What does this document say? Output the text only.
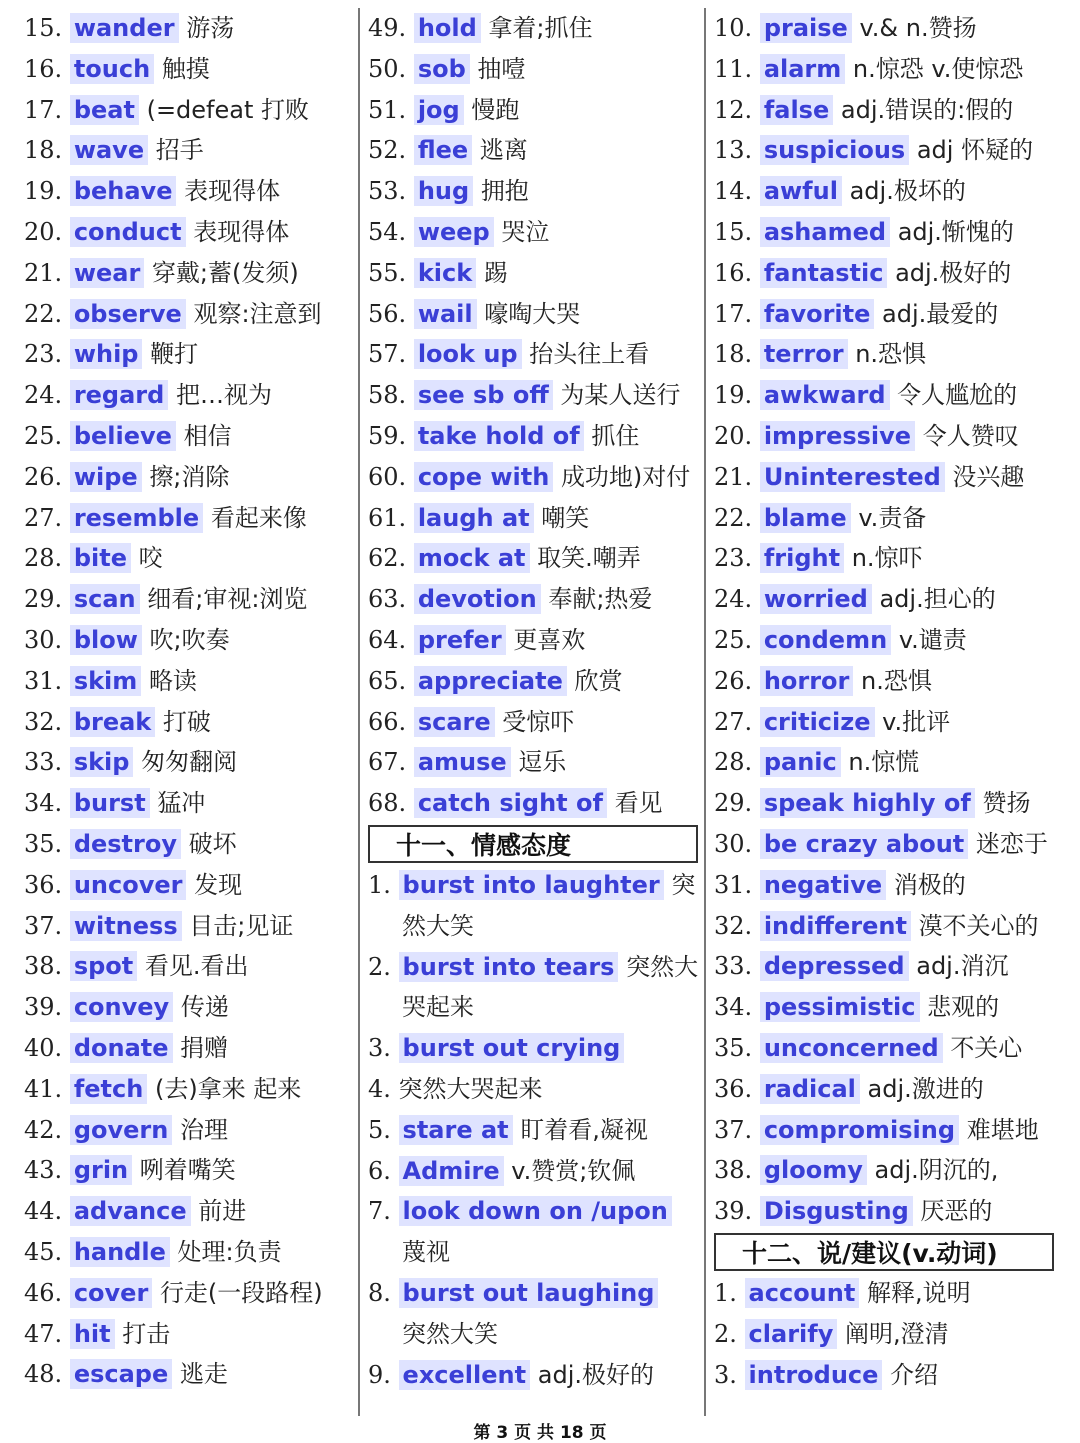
15. wander 游荡
16. touch 触摸
17. beat (=defeat 打败
18. wave 招手
19. behave 表现得体
20. conduct 表现得体
21. wear 穿戴;蓄(发须)
22. observe 观察:注意到
23. whip 鞭打
24. regard 把…视为
25. believe 相信
26. wipe 擦;消除
27. resemble 看起来像
28. bite 咬
29. scan 细看;审视:浏览
30. blow 吹;吹奏
31. skim 略读
32. break 打破
33. skip 匆匆翻阅
34. burst 猛冲
35. destroy 破坏
36. uncover 发现
37. witness 目击;见证
38. spot 看见.看出
39. convey 传递
40. donate 捐赠
41. fetch (去)拿来 起来
42. govern 治理
43. grin 咧着嘴笑
44. advance 前进
45. handle 处理:负责
46. cover 行走(一段路程)
47. hit 打击
48. escape 逃走
49. hold 拿着;抓住
50. sob 抽噎
51. jog 慢跑
52. flee 逃离
53. hug 拥抱
54. weep 哭泣
55. kick 踢
56. wail 嚎啕大哭
57. look up 抬头往上看
58. see sb off 为某人送行
59. take hold of 抓住
60. cope with 成功地)对付
61. laugh at 嘲笑
62. mock at 取笑.嘲弄
63. devotion 奉献;热爱
64. prefer 更喜欢
65. appreciate 欣赏
66. scare 受惊吓
67. amuse 逗乐
68. catch sight of 看见
十一、情感态度
1. burst into laughter 突
然大笑
2. burst into tears 突然大
哭起来
3. burst out crying
4. 突然大哭起来
5. stare at 盯着看,凝视
6. Admire v.赞赏;钦佩
7. look down on /upon
蔑视
8. burst out laughing
突然大笑
9. excellent adj.极好的
10. praise v.& n.赞扬
11. alarm n.惊恐 v.使惊恐
12. false adj.错误的:假的
13. suspicious adj 怀疑的
14. awful adj.极坏的
15. ashamed adj.惭愧的
16. fantastic adj.极好的
17. favorite adj.最爱的
18. terror n.恐惧
19. awkward 令人尴尬的
20. impressive 令人赞叹
21. Uninterested 没兴趣
22. blame v.责备
23. fright n.惊吓
24. worried adj.担心的
25. condemn v.谴责
26. horror n.恐惧
27. criticize v.批评
28. panic n.惊慌
29. speak highly of 赞扬
30. be crazy about 迷恋于
31. negative 消极的
32. indifferent 漠不关心的
33. depressed adj.消沉
34. pessimistic 悲观的
35. unconcerned 不关心
36. radical adj.激进的
37. compromising 难堪地
38. gloomy adj.阴沉的,
39. Disgusting 厌恶的
十二、说/建议(v.动词)
1. account 解释,说明
2. clarify 阐明,澄清
3. introduce 介绍
第 3 页 共 18 页
